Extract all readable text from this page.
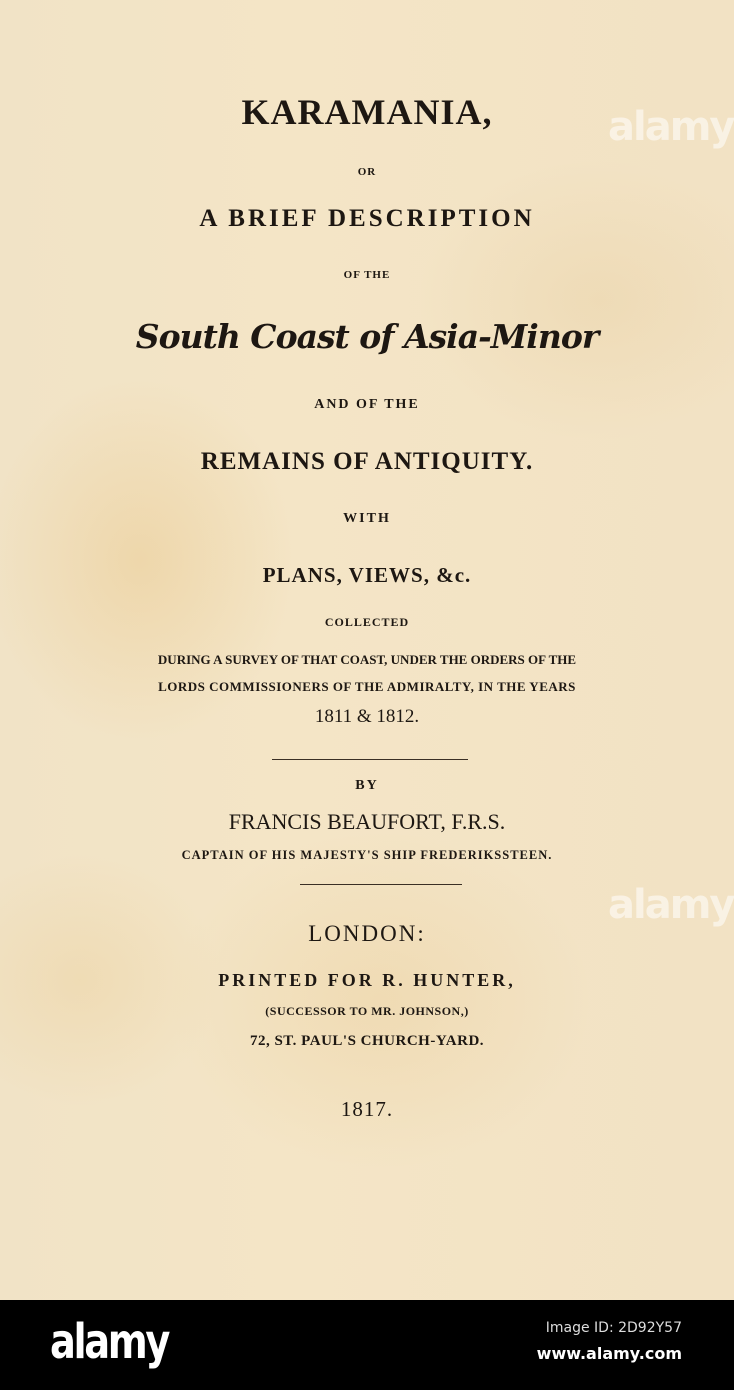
KARAMANIA,
OR
A BRIEF DESCRIPTION
OF THE
South Coast of Asia-Minor
AND OF THE
REMAINS OF ANTIQUITY.
WITH
PLANS, VIEWS, &c.
COLLECTED
DURING A SURVEY OF THAT COAST, UNDER THE ORDERS OF THE
LORDS COMMISSIONERS OF THE ADMIRALTY, IN THE YEARS
1811 & 1812.
BY
FRANCIS BEAUFORT, F.R.S.
CAPTAIN OF HIS MAJESTY'S SHIP FREDERIKSSTEEN.
LONDON:
PRINTED FOR R. HUNTER,
(SUCCESSOR TO MR. JOHNSON,)
72, ST. PAUL'S CHURCH-YARD.
1817.
alamy
alamy
alamy	Image ID: 2D92Y57
www.alamy.com
